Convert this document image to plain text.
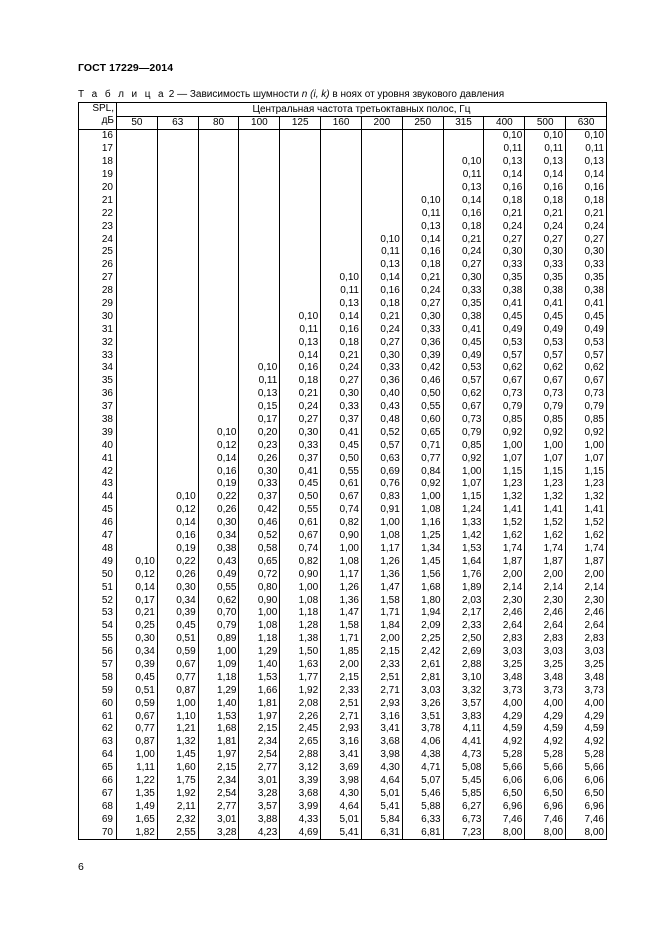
ГОСТ 17229—2014
Т а б л и ц а 2 — Зависимость шумности n (i, k) в ноях от уровня звукового давления
SPL,
дБ	Центральная частота третьоктавных полос, Гц											
	50	63	80	100	125	160	200	250	315	400	500	630
16										0,10	0,10	0,10
17										0,11	0,11	0,11
18									0,10	0,13	0,13	0,13
19									0,11	0,14	0,14	0,14
20									0,13	0,16	0,16	0,16
21								0,10	0,14	0,18	0,18	0,18
22								0,11	0,16	0,21	0,21	0,21
23								0,13	0,18	0,24	0,24	0,24
24							0,10	0,14	0,21	0,27	0,27	0,27
25							0,11	0,16	0,24	0,30	0,30	0,30
26							0,13	0,18	0,27	0,33	0,33	0,33
27						0,10	0,14	0,21	0,30	0,35	0,35	0,35
28						0,11	0,16	0,24	0,33	0,38	0,38	0,38
29						0,13	0,18	0,27	0,35	0,41	0,41	0,41
30					0,10	0,14	0,21	0,30	0,38	0,45	0,45	0,45
31					0,11	0,16	0,24	0,33	0,41	0,49	0,49	0,49
32					0,13	0,18	0,27	0,36	0,45	0,53	0,53	0,53
33					0,14	0,21	0,30	0,39	0,49	0,57	0,57	0,57
34				0,10	0,16	0,24	0,33	0,42	0,53	0,62	0,62	0,62
35				0,11	0,18	0,27	0,36	0,46	0,57	0,67	0,67	0,67
36				0,13	0,21	0,30	0,40	0,50	0,62	0,73	0,73	0,73
37				0,15	0,24	0,33	0,43	0,55	0,67	0,79	0,79	0,79
38				0,17	0,27	0,37	0,48	0,60	0,73	0,85	0,85	0,85
39			0,10	0,20	0,30	0,41	0,52	0,65	0,79	0,92	0,92	0,92
40			0,12	0,23	0,33	0,45	0,57	0,71	0,85	1,00	1,00	1,00
41			0,14	0,26	0,37	0,50	0,63	0,77	0,92	1,07	1,07	1,07
42			0,16	0,30	0,41	0,55	0,69	0,84	1,00	1,15	1,15	1,15
43			0,19	0,33	0,45	0,61	0,76	0,92	1,07	1,23	1,23	1,23
44		0,10	0,22	0,37	0,50	0,67	0,83	1,00	1,15	1,32	1,32	1,32
45		0,12	0,26	0,42	0,55	0,74	0,91	1,08	1,24	1,41	1,41	1,41
46		0,14	0,30	0,46	0,61	0,82	1,00	1,16	1,33	1,52	1,52	1,52
47		0,16	0,34	0,52	0,67	0,90	1,08	1,25	1,42	1,62	1,62	1,62
48		0,19	0,38	0,58	0,74	1,00	1,17	1,34	1,53	1,74	1,74	1,74
49	0,10	0,22	0,43	0,65	0,82	1,08	1,26	1,45	1,64	1,87	1,87	1,87
50	0,12	0,26	0,49	0,72	0,90	1,17	1,36	1,56	1,76	2,00	2,00	2,00
51	0,14	0,30	0,55	0,80	1,00	1,26	1,47	1,68	1,89	2,14	2,14	2,14
52	0,17	0,34	0,62	0,90	1,08	1,36	1,58	1,80	2,03	2,30	2,30	2,30
53	0,21	0,39	0,70	1,00	1,18	1,47	1,71	1,94	2,17	2,46	2,46	2,46
54	0,25	0,45	0,79	1,08	1,28	1,58	1,84	2,09	2,33	2,64	2,64	2,64
55	0,30	0,51	0,89	1,18	1,38	1,71	2,00	2,25	2,50	2,83	2,83	2,83
56	0,34	0,59	1,00	1,29	1,50	1,85	2,15	2,42	2,69	3,03	3,03	3,03
57	0,39	0,67	1,09	1,40	1,63	2,00	2,33	2,61	2,88	3,25	3,25	3,25
58	0,45	0,77	1,18	1,53	1,77	2,15	2,51	2,81	3,10	3,48	3,48	3,48
59	0,51	0,87	1,29	1,66	1,92	2,33	2,71	3,03	3,32	3,73	3,73	3,73
60	0,59	1,00	1,40	1,81	2,08	2,51	2,93	3,26	3,57	4,00	4,00	4,00
61	0,67	1,10	1,53	1,97	2,26	2,71	3,16	3,51	3,83	4,29	4,29	4,29
62	0,77	1,21	1,68	2,15	2,45	2,93	3,41	3,78	4,11	4,59	4,59	4,59
63	0,87	1,32	1,81	2,34	2,65	3,16	3,68	4,06	4,41	4,92	4,92	4,92
64	1,00	1,45	1,97	2,54	2,88	3,41	3,98	4,38	4,73	5,28	5,28	5,28
65	1,11	1,60	2,15	2,77	3,12	3,69	4,30	4,71	5,08	5,66	5,66	5,66
66	1,22	1,75	2,34	3,01	3,39	3,98	4,64	5,07	5,45	6,06	6,06	6,06
67	1,35	1,92	2,54	3,28	3,68	4,30	5,01	5,46	5,85	6,50	6,50	6,50
68	1,49	2,11	2,77	3,57	3,99	4,64	5,41	5,88	6,27	6,96	6,96	6,96
69	1,65	2,32	3,01	3,88	4,33	5,01	5,84	6,33	6,73	7,46	7,46	7,46
70	1,82	2,55	3,28	4,23	4,69	5,41	6,31	6,81	7,23	8,00	8,00	8,00
6
